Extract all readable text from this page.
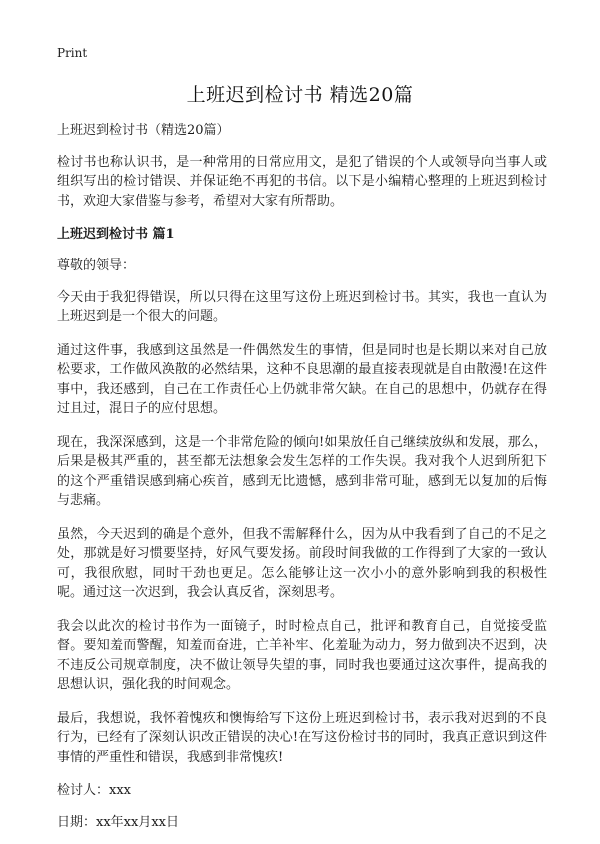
Print
上班迟到检讨书 精选20篇

上班迟到检讨书（精选20篇）

检讨书也称认识书，是一种常用的日常应用文，是犯了错误的个人或领导向当事人或组织写出的检讨错误、并保证绝不再犯的书信。以下是小编精心整理的上班迟到检讨书，欢迎大家借鉴与参考，希望对大家有所帮助。

上班迟到检讨书 篇1

尊敬的领导：

今天由于我犯得错误，所以只得在这里写这份上班迟到检讨书。其实，我也一直认为上班迟到是一个很大的问题。

通过这件事，我感到这虽然是一件偶然发生的事情，但是同时也是长期以来对自己放松要求，工作做风涣散的必然结果，这种不良思潮的最直接表现就是自由散漫!在这件事中，我还感到，自己在工作责任心上仍就非常欠缺。在自己的思想中，仍就存在得过且过，混日子的应付思想。

现在，我深深感到，这是一个非常危险的倾向!如果放任自己继续放纵和发展，那么，后果是极其严重的，甚至都无法想象会发生怎样的工作失误。我对我个人迟到所犯下的这个严重错误感到痛心疾首，感到无比遗憾，感到非常可耻，感到无以复加的后悔与悲痛。

虽然，今天迟到的确是个意外，但我不需解释什么，因为从中我看到了自己的不足之处，那就是好习惯要坚持，好风气要发扬。前段时间我做的工作得到了大家的一致认可，我很欣慰，同时干劲也更足。怎么能够让这一次小小的意外影响到我的积极性呢。通过这一次迟到，我会认真反省，深刻思考。

我会以此次的检讨书作为一面镜子，时时检点自己，批评和教育自己，自觉接受监督。要知羞而警醒，知羞而奋进，亡羊补牢、化羞耻为动力，努力做到决不迟到，决不违反公司规章制度，决不做让领导失望的事，同时我也要通过这次事件，提高我的思想认识，强化我的时间观念。

最后，我想说，我怀着愧疚和懊悔给写下这份上班迟到检讨书，表示我对迟到的不良行为，已经有了深刻认识改正错误的决心!在写这份检讨书的同时，我真正意识到这件事情的严重性和错误，我感到非常愧疚!

检讨人：xxx

日期：xx年xx月xx日
